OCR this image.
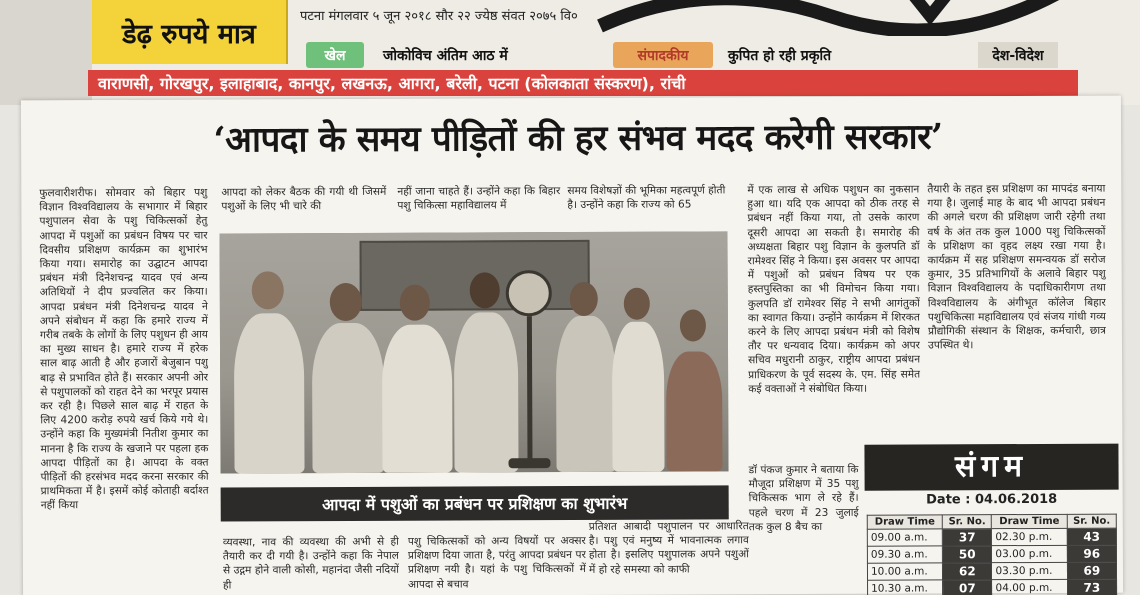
डेढ़ रुपये मात्र
पटना मंगलवार ५ जून २०१८ सौर २२ ज्येष्ठ संवत २०७५ वि०
खेल	जोकोविच अंतिम आठ में	संपादकीय	कुपित हो रही प्रकृति	देश-विदेश
वाराणसी, गोरखपुर, इलाहाबाद, कानपुर, लखनऊ, आगरा, बरेली, पटना (कोलकाता संस्करण), रांची
‘आपदा के समय पीड़ितों की हर संभव मदद करेगी सरकार’
फुलवारीशरीफ। सोमवार को बिहार पशु विज्ञान विश्वविद्यालय के सभागार में बिहार पशुपालन सेवा के पशु चिकित्सकों हेतु आपदा में पशुओं का प्रबंधन विषय पर चार दिवसीय प्रशिक्षण कार्यक्रम का शुभारंभ किया गया। समारोह का उद्घाटन आपदा प्रबंधन मंत्री दिनेशचन्द्र यादव एवं अन्य अतिथियों ने दीप प्रज्वलित कर किया। आपदा प्रबंधन मंत्री दिनेशचन्द्र यादव ने अपने संबोधन में कहा कि हमारे राज्य में गरीब तबके के लोगों के लिए पशुधन ही आय का मुख्य साधन है। हमारे राज्य में हरेक साल बाढ़ आती है और हजारों बेजुबान पशु बाढ़ से प्रभावित होते हैं। सरकार अपनी ओर से पशुपालकों को राहत देने का भरपूर प्रयास कर रही है। पिछले साल बाढ़ में राहत के लिए 4200 करोड़ रुपये खर्च किये गये थे। उन्होंने कहा कि मुख्यमंत्री नितीश कुमार का मानना है कि राज्य के खजाने पर पहला हक आपदा पीड़ितों का है। आपदा के वक्त पीड़ितों की हरसंभव मदद करना सरकार की प्राथमिकता में है। इसमें कोई कोताही बर्दाश्त नहीं किया
आपदा को लेकर बैठक की गयी थी जिसमें पशुओं के लिए भी चारे की
नहीं जाना चाहते हैं। उन्होंने कहा कि बिहार पशु चिकित्सा महाविद्यालय में
समय विशेषज्ञों की भूमिका महत्वपूर्ण होती है। उन्होंने कहा कि राज्य को 65
में एक लाख से अधिक पशुधन का नुकसान हुआ था। यदि एक आपदा को ठीक तरह से प्रबंधन नहीं किया गया, तो उसके कारण दूसरी आपदा आ सकती है। समारोह की अध्यक्षता बिहार पशु विज्ञान के कुलपति डॉ रामेश्वर सिंह ने किया। इस अवसर पर आपदा में पशुओं को प्रबंधन विषय पर एक हस्तपुस्तिका का भी विमोचन किया गया। कुलपति डॉ रामेश्वर सिंह ने सभी आगंतुकों का स्वागत किया। उन्होंने कार्यक्रम में शिरकत करने के लिए आपदा प्रबंधन मंत्री को विशेष तौर पर धन्यवाद दिया। कार्यक्रम को अपर सचिव मधुरानी ठाकुर, राष्ट्रीय आपदा प्रबंधन प्राधिकरण के पूर्व सदस्य के. एम. सिंह समेत कई वक्ताओं ने संबोधित किया।
तैयारी के तहत इस प्रशिक्षण का मापदंड बनाया गया है। जुलाई माह के बाद भी आपदा प्रबंधन की अगले चरण की प्रशिक्षण जारी रहेगी तथा वर्ष के अंत तक कुल 1000 पशु चिकित्सकों के प्रशिक्षण का वृहद लक्ष्य रखा गया है। कार्यक्रम में सह प्रशिक्षण समन्वयक डॉ सरोज कुमार, 35 प्रतिभागियों के अलावे बिहार पशु विज्ञान विश्वविद्यालय के पदाधिकारीगण तथा विश्वविद्यालय के अंगीभूत कॉलेज बिहार पशुचिकित्सा महाविद्यालय एवं संजय गांधी गव्य प्रौद्योगिकी संस्थान के शिक्षक, कर्मचारी, छात्र उपस्थित थे।
आपदा में पशुओं का प्रबंधन पर प्रशिक्षण का शुभारंभ
व्यवस्था, नाव की व्यवस्था की अभी से ही तैयारी कर दी गयी है। उन्होंने कहा कि नेपाल से उद्गम होने वाली कोसी, महानंदा जैसी नदियों ही
पशु चिकित्सकों को अन्य विषयों पर अक्सर प्रशिक्षण दिया जाता है, परंतु आपदा प्रबंधन पर प्रशिक्षण नयी है। यहां के पशु चिकित्सकों में आपदा से बचाव
प्रतिशत आबादी पशुपालन पर आधारित है। पशु एवं मनुष्य में भावनात्मक लगाव होता है। इसलिए पशुपालक अपने पशुओं में हो रहे समस्या को काफी
डॉ पंकज कुमार ने बताया कि मौजूदा प्रशिक्षण में 35 पशु चिकित्सक भाग ले रहे हैं। पहले चरण में 23 जुलाई तक कुल 8 बैच का
संगम
Date : 04.06.2018
Draw Time	Sr. No.	Draw Time	Sr. No.
09.00 a.m.	37	02.30 p.m.	43
09.30 a.m.	50	03.00 p.m.	96
10.00 a.m.	62	03.30 p.m.	69
10.30 a.m.	07	04.00 p.m.	73
